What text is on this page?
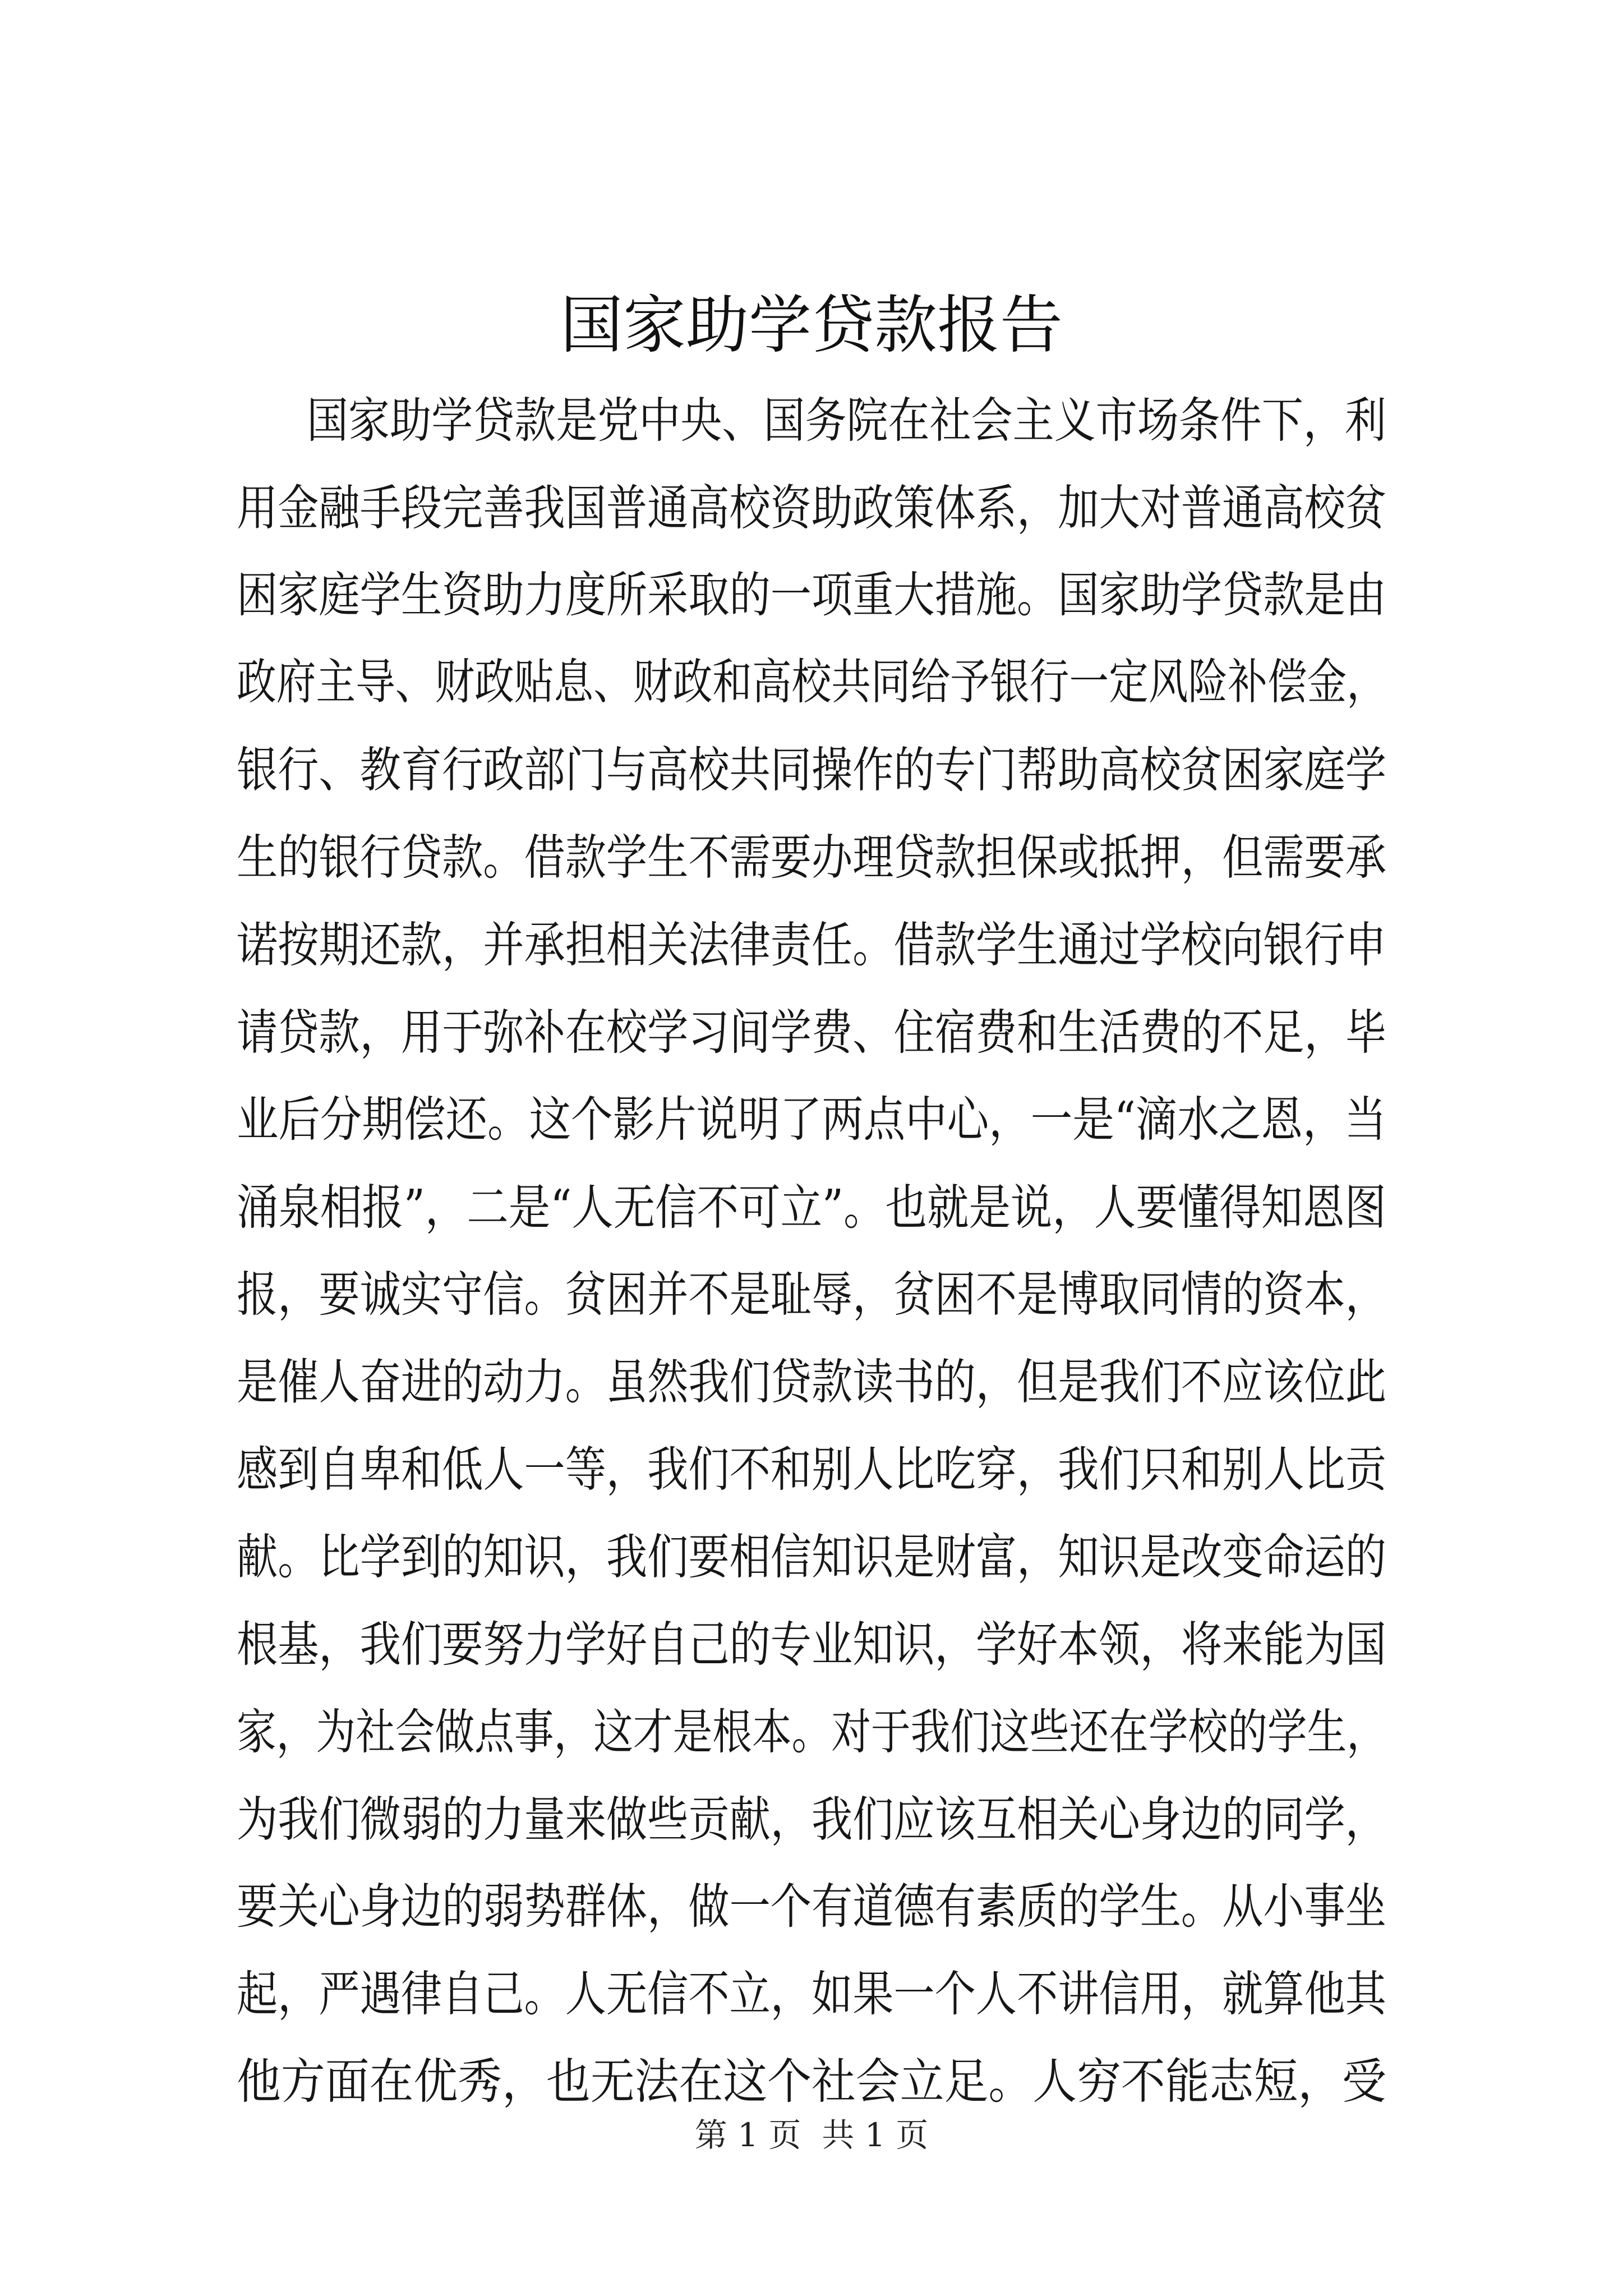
国家助学贷款报告
国家助学贷款是党中央、国务院在社会主义市场条件下，利
用金融手段完善我国普通高校资助政策体系，加大对普通高校贫
困家庭学生资助力度所采取的一项重大措施。国家助学贷款是由
政府主导、财政贴息、财政和高校共同给予银行一定风险补偿金，
银行、教育行政部门与高校共同操作的专门帮助高校贫困家庭学
生的银行贷款。借款学生不需要办理贷款担保或抵押，但需要承
诺按期还款，并承担相关法律责任。借款学生通过学校向银行申
请贷款，用于弥补在校学习间学费、住宿费和生活费的不足，毕
业后分期偿还。这个影片说明了两点中心，一是“滴水之恩，当
涌泉相报”，二是“人无信不可立”。也就是说，人要懂得知恩图
报，要诚实守信。贫困并不是耻辱，贫困不是博取同情的资本，
是催人奋进的动力。虽然我们贷款读书的，但是我们不应该位此
感到自卑和低人一等，我们不和别人比吃穿，我们只和别人比贡
献。比学到的知识，我们要相信知识是财富，知识是改变命运的
根基，我们要努力学好自己的专业知识，学好本领，将来能为国
家，为社会做点事，这才是根本。对于我们这些还在学校的学生，
为我们微弱的力量来做些贡献，我们应该互相关心身边的同学，
要关心身边的弱势群体，做一个有道德有素质的学生。从小事坐
起，严遇律自己。人无信不立，如果一个人不讲信用，就算他其
他方面在优秀，也无法在这个社会立足。人穷不能志短，受
第 1 页  共 1 页
